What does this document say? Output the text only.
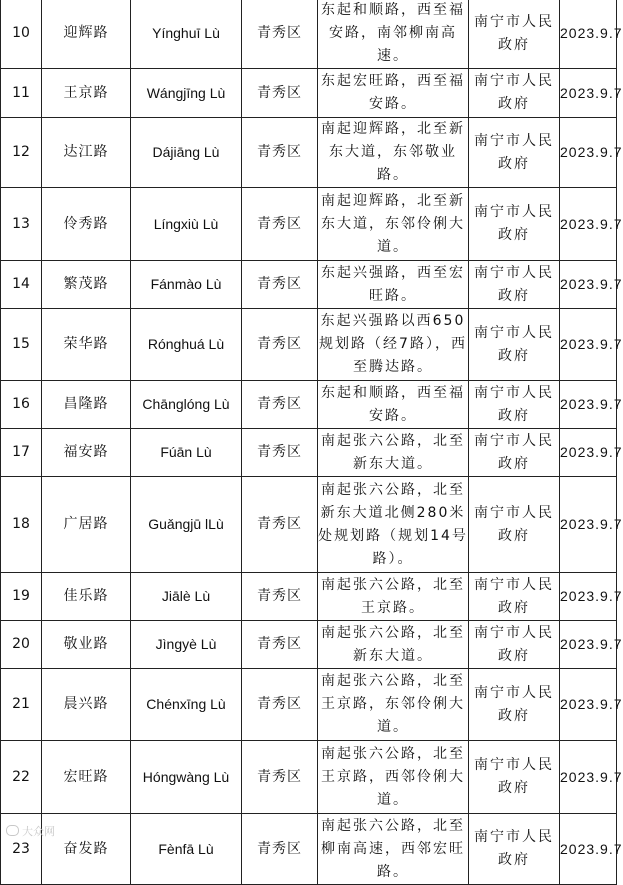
10	迎辉路	Yínghuī Lù	青秀区	东起和顺路，西至福安路，南邻柳南高速。	南宁市人民政府	2023.9.7
11	王京路	Wángjīng Lù	青秀区	东起宏旺路，西至福安路。	南宁市人民政府	2023.9.7
12	达江路	Dájiāng Lù	青秀区	南起迎辉路，北至新东大道，东邻敬业路。	南宁市人民政府	2023.9.7
13	伶秀路	Língxiù Lù	青秀区	南起迎辉路，北至新东大道，东邻伶俐大道。	南宁市人民政府	2023.9.7
14	繁茂路	Fánmào Lù	青秀区	东起兴强路，西至宏旺路。	南宁市人民政府	2023.9.7
15	荣华路	Rónghuá Lù	青秀区	东起兴强路以西650规划路（经7路），西至腾达路。	南宁市人民政府	2023.9.7
16	昌隆路	Chānglóng Lù	青秀区	东起和顺路，西至福安路。	南宁市人民政府	2023.9.7
17	福安路	Fúān Lù	青秀区	南起张六公路，北至新东大道。	南宁市人民政府	2023.9.7
18	广居路	Guǎngjū lLù	青秀区	南起张六公路，北至新东大道北侧280米处规划路（规划14号路）。	南宁市人民政府	2023.9.7
19	佳乐路	Jiālè Lù	青秀区	南起张六公路，北至王京路。	南宁市人民政府	2023.9.7
20	敬业路	Jìngyè Lù	青秀区	南起张六公路，北至新东大道。	南宁市人民政府	2023.9.7
21	晨兴路	Chénxīng Lù	青秀区	南起张六公路，北至王京路，东邻伶俐大道。	南宁市人民政府	2023.9.7
22	宏旺路	Hóngwàng Lù	青秀区	南起张六公路，北至王京路，西邻伶俐大道。	南宁市人民政府	2023.9.7
23	奋发路	Fènfā Lù	青秀区	南起张六公路，北至柳南高速，西邻宏旺路。	南宁市人民政府	2023.9.7
大众网
